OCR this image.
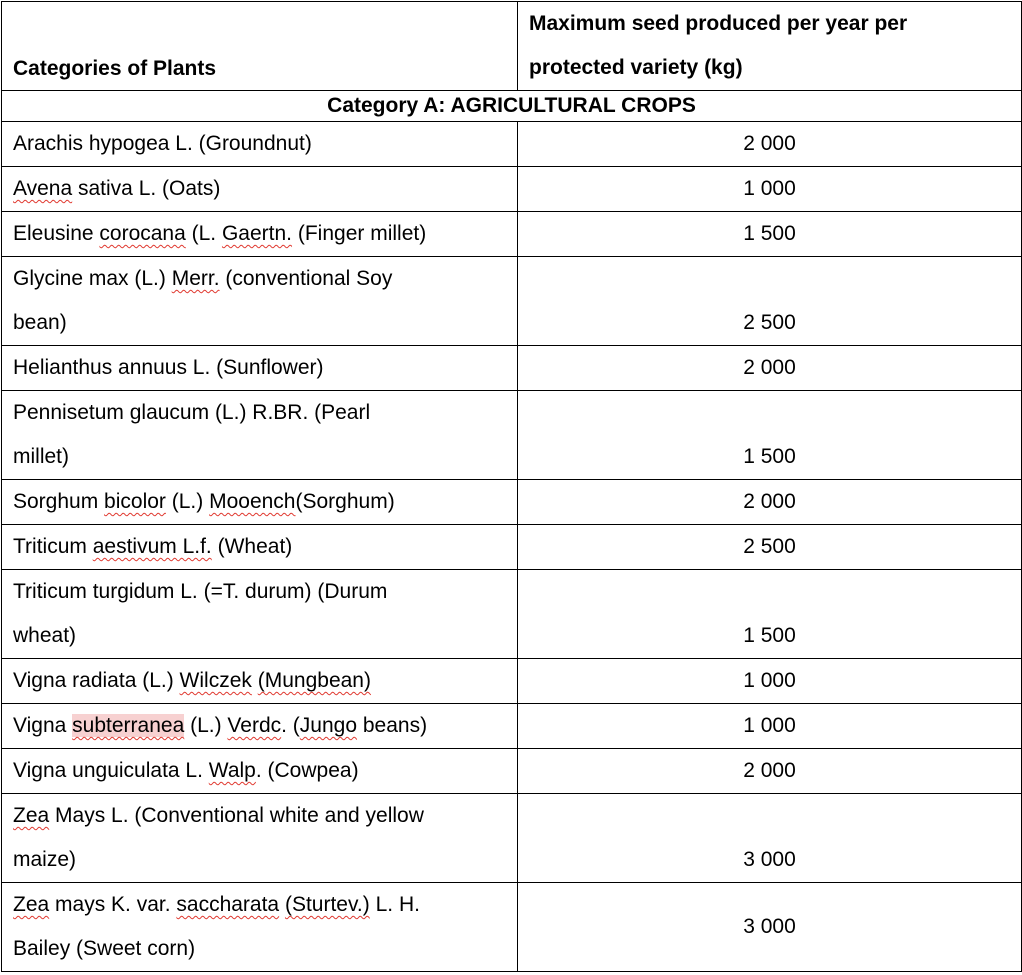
Categories of Plants	Maximum seed produced per year per
protected variety (kg)
Category A: AGRICULTURAL CROPS	
Arachis hypogea L. (Groundnut)	2 000
Avena sativa L. (Oats)	1 000
Eleusine corocana (L. Gaertn. (Finger millet)	1 500
Glycine max (L.) Merr. (conventional Soy
bean)	2 500
Helianthus annuus L. (Sunflower)	2 000
Pennisetum glaucum (L.) R.BR. (Pearl
millet)	1 500
Sorghum bicolor (L.) Mooench(Sorghum)	2 000
Triticum aestivum L.f. (Wheat)	2 500
Triticum turgidum L. (=T. durum) (Durum
wheat)	1 500
Vigna radiata (L.) Wilczek (Mungbean)	1 000
Vigna subterranea (L.) Verdc. (Jungo beans)	1 000
Vigna unguiculata L. Walp. (Cowpea)	2 000
Zea Mays L. (Conventional white and yellow
maize)	3 000
Zea mays K. var. saccharata (Sturtev.) L. H.
Bailey (Sweet corn)	3 000
